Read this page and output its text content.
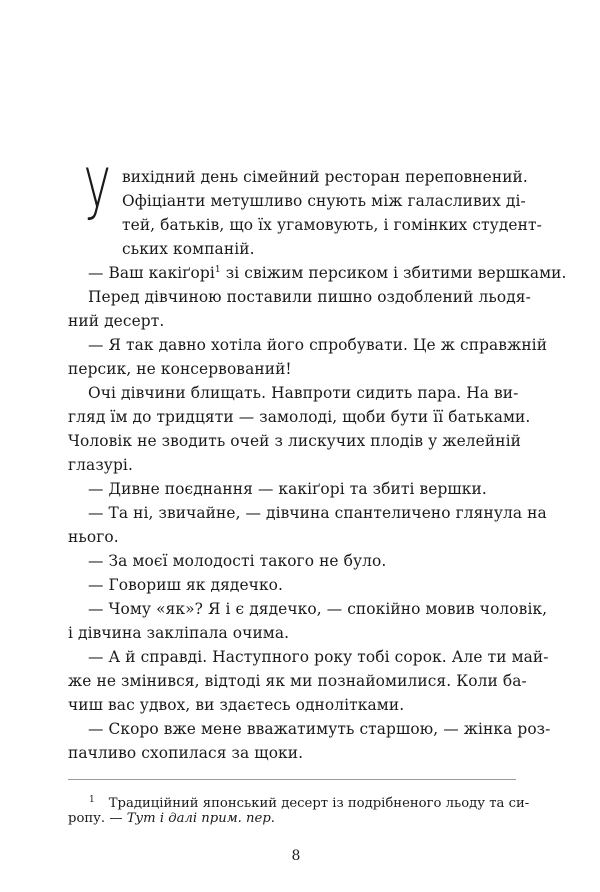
У вихідний день сімейний ресторан переповнений.
Офіціанти метушливо снують між галасливих ді-
тей, батьків, що їх угамовують, і гомінких студент-
ських компаній.
— Ваш какіґорі$^1$ зі свіжим персиком і збитими вершками.
Перед дівчиною поставили пишно оздоблений льодя-
ний десерт.
— Я так давно хотіла його спробувати. Це ж справжній
персик, не консервований!
Очі дівчини блищать. Навпроти сидить пара. На ви-
гляд їм до тридцяти — замолоді, щоби бути її батьками.
Чоловік не зводить очей з лискучих плодів у желейній
глазурі.
— Дивне поєднання — какіґорі та збиті вершки.
— Та ні, звичайне, — дівчина спантеличено глянула на
нього.
— За моєї молодості такого не було.
— Говориш як дядечко.
— Чому «як»? Я і є дядечко, — спокійно мовив чоловік,
і дівчина закліпала очима.
— А й справді. Наступного року тобі сорок. Але ти май-
же не змінився, відтоді як ми познайомилися. Коли ба-
чиш вас удвох, ви здаєтесь однолітками.
— Скоро вже мене вважатимуть старшою, — жінка роз-
$^1$ Традиційний японський десерт із подрібненого льоду та си-
ропу. — Тут і далі прим. пер.
8
пачливо схопилася за щоки.
